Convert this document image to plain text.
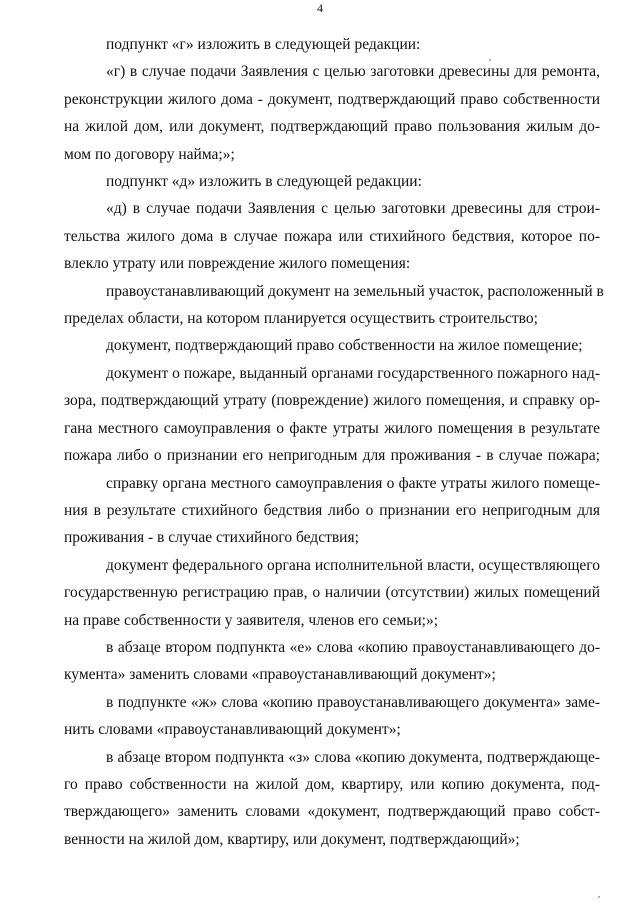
4

подпункт «г» изложить в следующей редакции:

«г) в случае подачи Заявления с целью заготовки древесины для ремонта,
реконструкции жилого дома - документ, подтверждающий право собственности
на жилой дом, или документ, подтверждающий право пользования жилым до-
мом по договору найма;»;

подпункт «д» изложить в следующей редакции:

«д) в случае подачи Заявления с целью заготовки древесины для строи-
тельства жилого дома в случае пожара или стихийного бедствия, которое по-
влекло утрату или повреждение жилого помещения:

правоустанавливающий документ на земельный участок, расположенный в
пределах области, на котором планируется осуществить строительство;

документ, подтверждающий право собственности на жилое помещение;

документ о пожаре, выданный органами государственного пожарного над-
зора, подтверждающий утрату (повреждение) жилого помещения, и справку ор-
гана местного самоуправления о факте утраты жилого помещения в результате
пожара либо о признании его непригодным для проживания - в случае пожара;

справку органа местного самоуправления о факте утраты жилого помеще-
ния в результате стихийного бедствия либо о признании его непригодным для
проживания - в случае стихийного бедствия;

документ федерального органа исполнительной власти, осуществляющего
государственную регистрацию прав, о наличии (отсутствии) жилых помещений
на праве собственности у заявителя, членов его семьи;»;

в абзаце втором подпункта «е» слова «копию правоустанавливающего до-
кумента» заменить словами «правоустанавливающий документ»;

в подпункте «ж» слова «копию правоустанавливающего документа» заме-
нить словами «правоустанавливающий документ»;

в абзаце втором подпункта «з» слова «копию документа, подтверждающе-
го право собственности на жилой дом, квартиру, или копию документа, под-
тверждающего» заменить словами «документ, подтверждающий право собст-
венности на жилой дом, квартиру, или документ, подтверждающий»;
